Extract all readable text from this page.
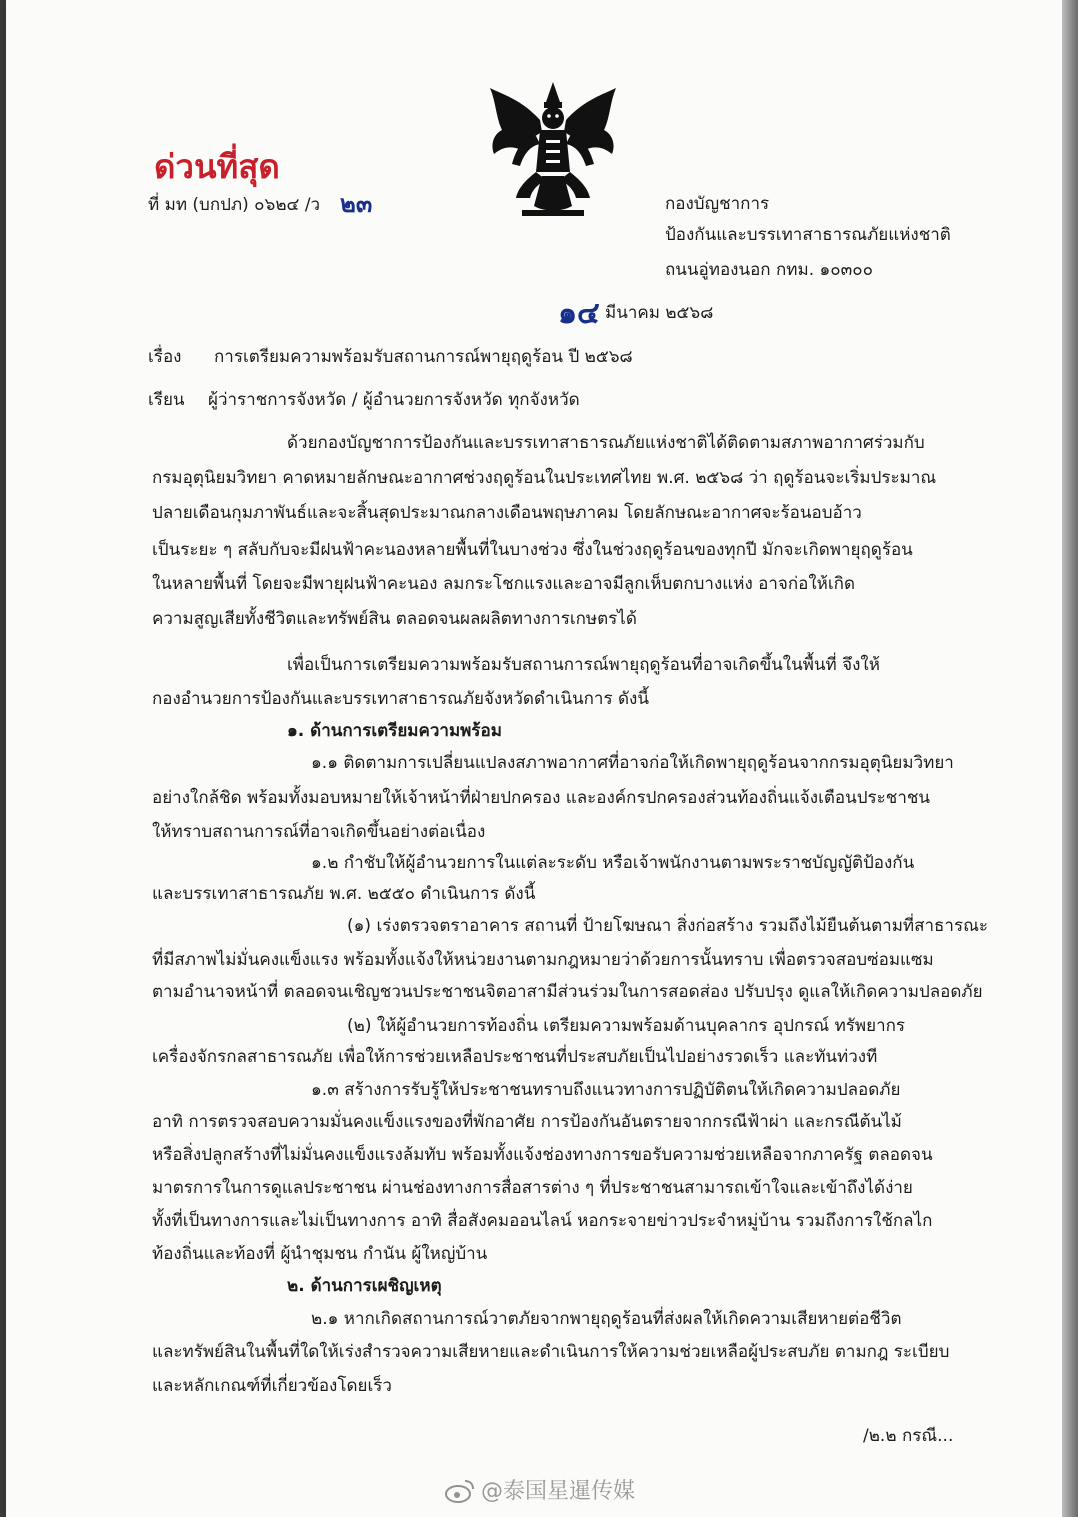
ด่วนที่สุด
ที่ มท (บกปภ) ๐๖๒๔ /ว ๒๓	กองบัญชาการ
ป้องกันและบรรเทาสาธารณภัยแห่งชาติ
ถนนอู่ทองนอก กทม. ๑๐๓๐๐
๑๔ มีนาคม ๒๕๖๘
เรื่อง การเตรียมความพร้อมรับสถานการณ์พายุฤดูร้อน ปี ๒๕๖๘
เรียน ผู้ว่าราชการจังหวัด / ผู้อำนวยการจังหวัด ทุกจังหวัด
ด้วยกองบัญชาการป้องกันและบรรเทาสาธารณภัยแห่งชาติได้ติดตามสภาพอากาศร่วมกับ
กรมอุตุนิยมวิทยา คาดหมายลักษณะอากาศช่วงฤดูร้อนในประเทศไทย พ.ศ. ๒๕๖๘ ว่า ฤดูร้อนจะเริ่มประมาณ
ปลายเดือนกุมภาพันธ์และจะสิ้นสุดประมาณกลางเดือนพฤษภาคม โดยลักษณะอากาศจะร้อนอบอ้าว
เป็นระยะ ๆ สลับกับจะมีฝนฟ้าคะนองหลายพื้นที่ในบางช่วง ซึ่งในช่วงฤดูร้อนของทุกปี มักจะเกิดพายุฤดูร้อน
ในหลายพื้นที่ โดยจะมีพายุฝนฟ้าคะนอง ลมกระโชกแรงและอาจมีลูกเห็บตกบางแห่ง อาจก่อให้เกิด
ความสูญเสียทั้งชีวิตและทรัพย์สิน ตลอดจนผลผลิตทางการเกษตรได้
เพื่อเป็นการเตรียมความพร้อมรับสถานการณ์พายุฤดูร้อนที่อาจเกิดขึ้นในพื้นที่ จึงให้
กองอำนวยการป้องกันและบรรเทาสาธารณภัยจังหวัดดำเนินการ ดังนี้
๑. ด้านการเตรียมความพร้อม
๑.๑ ติดตามการเปลี่ยนแปลงสภาพอากาศที่อาจก่อให้เกิดพายุฤดูร้อนจากกรมอุตุนิยมวิทยา
อย่างใกล้ชิด พร้อมทั้งมอบหมายให้เจ้าหน้าที่ฝ่ายปกครอง และองค์กรปกครองส่วนท้องถิ่นแจ้งเตือนประชาชน
ให้ทราบสถานการณ์ที่อาจเกิดขึ้นอย่างต่อเนื่อง
๑.๒ กำชับให้ผู้อำนวยการในแต่ละระดับ หรือเจ้าพนักงานตามพระราชบัญญัติป้องกัน
และบรรเทาสาธารณภัย พ.ศ. ๒๕๕๐ ดำเนินการ ดังนี้
(๑) เร่งตรวจตราอาคาร สถานที่ ป้ายโฆษณา สิ่งก่อสร้าง รวมถึงไม้ยืนต้นตามที่สาธารณะ
ที่มีสภาพไม่มั่นคงแข็งแรง พร้อมทั้งแจ้งให้หน่วยงานตามกฎหมายว่าด้วยการนั้นทราบ เพื่อตรวจสอบซ่อมแซม
ตามอำนาจหน้าที่ ตลอดจนเชิญชวนประชาชนจิตอาสามีส่วนร่วมในการสอดส่อง ปรับปรุง ดูแลให้เกิดความปลอดภัย
(๒) ให้ผู้อำนวยการท้องถิ่น เตรียมความพร้อมด้านบุคลากร อุปกรณ์ ทรัพยากร
เครื่องจักรกลสาธารณภัย เพื่อให้การช่วยเหลือประชาชนที่ประสบภัยเป็นไปอย่างรวดเร็ว และทันท่วงที
๑.๓ สร้างการรับรู้ให้ประชาชนทราบถึงแนวทางการปฏิบัติตนให้เกิดความปลอดภัย
อาทิ การตรวจสอบความมั่นคงแข็งแรงของที่พักอาศัย การป้องกันอันตรายจากกรณีฟ้าผ่า และกรณีต้นไม้
หรือสิ่งปลูกสร้างที่ไม่มั่นคงแข็งแรงล้มทับ พร้อมทั้งแจ้งช่องทางการขอรับความช่วยเหลือจากภาครัฐ ตลอดจน
มาตรการในการดูแลประชาชน ผ่านช่องทางการสื่อสารต่าง ๆ ที่ประชาชนสามารถเข้าใจและเข้าถึงได้ง่าย
ทั้งที่เป็นทางการและไม่เป็นทางการ อาทิ สื่อสังคมออนไลน์ หอกระจายข่าวประจำหมู่บ้าน รวมถึงการใช้กลไก
ท้องถิ่นและท้องที่ ผู้นำชุมชน กำนัน ผู้ใหญ่บ้าน
๒. ด้านการเผชิญเหตุ
๒.๑ หากเกิดสถานการณ์วาตภัยจากพายุฤดูร้อนที่ส่งผลให้เกิดความเสียหายต่อชีวิต
และทรัพย์สินในพื้นที่ใดให้เร่งสำรวจความเสียหายและดำเนินการให้ความช่วยเหลือผู้ประสบภัย ตามกฎ ระเบียบ
และหลักเกณฑ์ที่เกี่ยวข้องโดยเร็ว
/๒.๒ กรณี...
@泰国星暹传媒
